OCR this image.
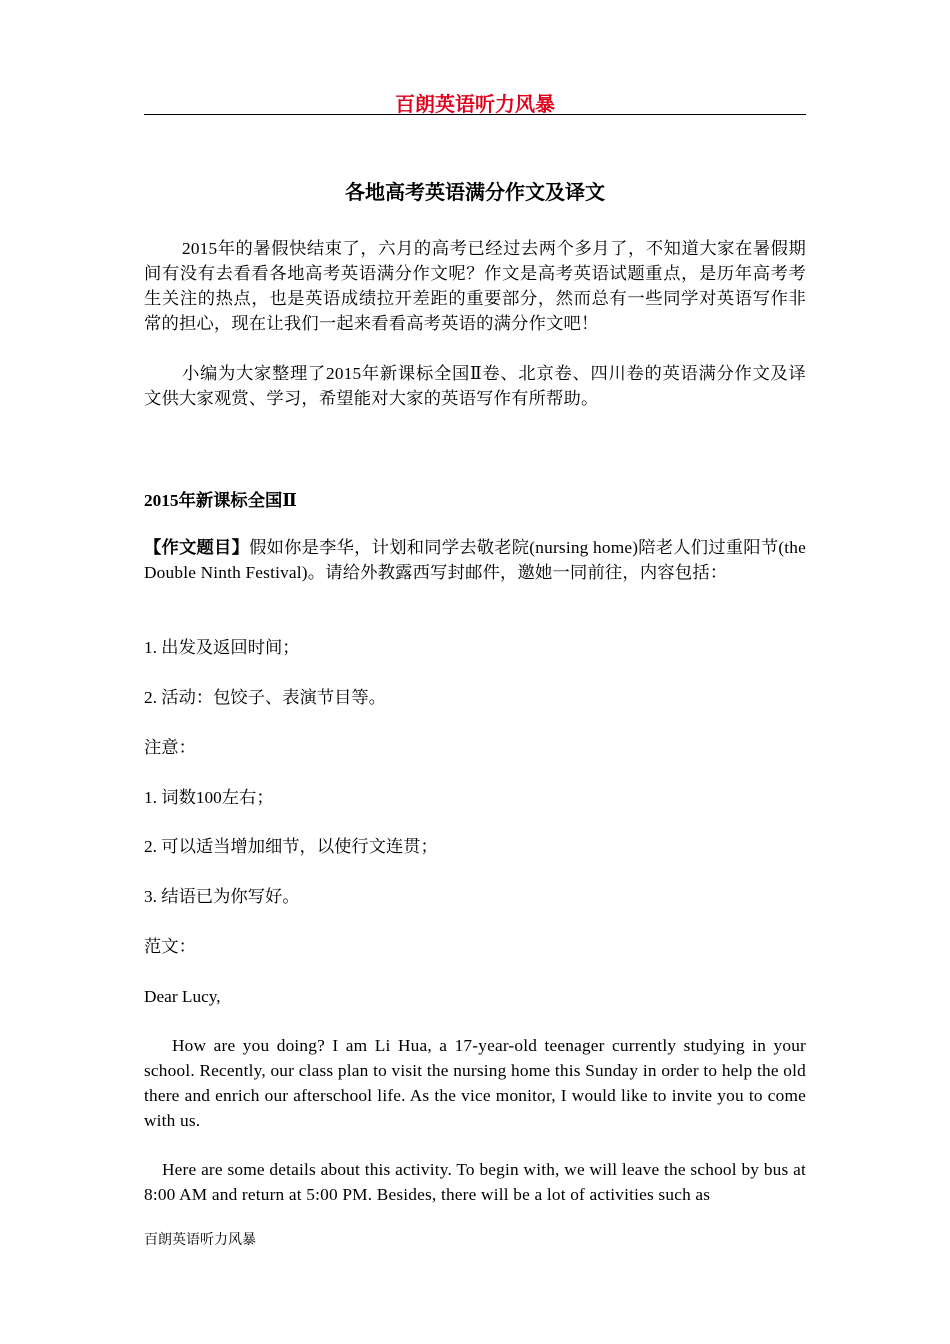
百朗英语听力风暴
各地高考英语满分作文及译文
2015年的暑假快结束了，六月的高考已经过去两个多月了，不知道大家在暑假期间有没有去看看各地高考英语满分作文呢？作文是高考英语试题重点，是历年高考考生关注的热点，也是英语成绩拉开差距的重要部分，然而总有一些同学对英语写作非常的担心，现在让我们一起来看看高考英语的满分作文吧！
小编为大家整理了2015年新课标全国Ⅱ卷、北京卷、四川卷的英语满分作文及译文供大家观赏、学习，希望能对大家的英语写作有所帮助。
2015年新课标全国Ⅱ
【作文题目】假如你是李华，计划和同学去敬老院(nursing home)陪老人们过重阳节(the Double Ninth Festival)。请给外教露西写封邮件，邀她一同前往，内容包括：
1. 出发及返回时间；
2. 活动：包饺子、表演节目等。
注意：
1. 词数100左右；
2. 可以适当增加细节，以使行文连贯；
3. 结语已为你写好。
范文：
Dear Lucy,
How are you doing? I am Li Hua, a 17-year-old teenager currently studying in your school. Recently, our class plan to visit the nursing home this Sunday in order to help the old there and enrich our afterschool life. As the vice monitor, I would like to invite you to come with us.
Here are some details about this activity. To begin with, we will leave the school by bus at 8:00 AM and return at 5:00 PM. Besides, there will be a lot of activities such as
百朗英语听力风暴
